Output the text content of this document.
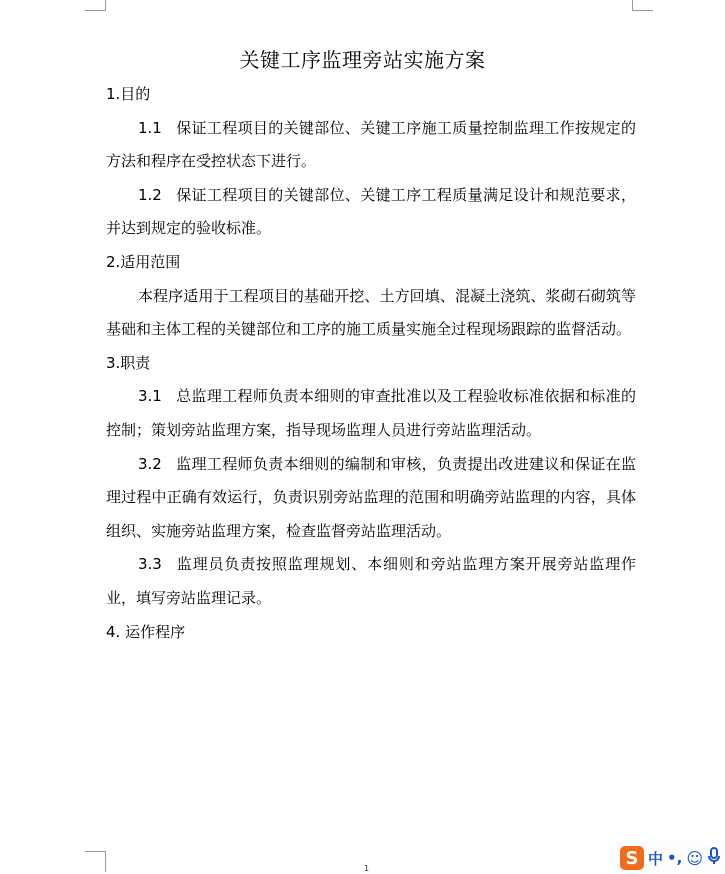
关键工序监理旁站实施方案

1.目的

1.1 保证工程项目的关键部位、关键工序施工质量控制监理工作按规定的方法和程序在受控状态下进行。

1.2 保证工程项目的关键部位、关键工序工程质量满足设计和规范要求，并达到规定的验收标准。

2.适用范围

本程序适用于工程项目的基础开挖、土方回填、混凝土浇筑、浆砌石砌筑等基础和主体工程的关键部位和工序的施工质量实施全过程现场跟踪的监督活动。

3.职责

3.1 总监理工程师负责本细则的审查批准以及工程验收标准依据和标准的控制；策划旁站监理方案，指导现场监理人员进行旁站监理活动。

3.2 监理工程师负责本细则的编制和审核，负责提出改进建议和保证在监理过程中正确有效运行，负责识别旁站监理的范围和明确旁站监理的内容，具体组织、实施旁站监理方案，检查监督旁站监理活动。

3.3 监理员负责按照监理规划、本细则和旁站监理方案开展旁站监理作业，填写旁站监理记录。

4. 运作程序

1	S 中 •, ☺
